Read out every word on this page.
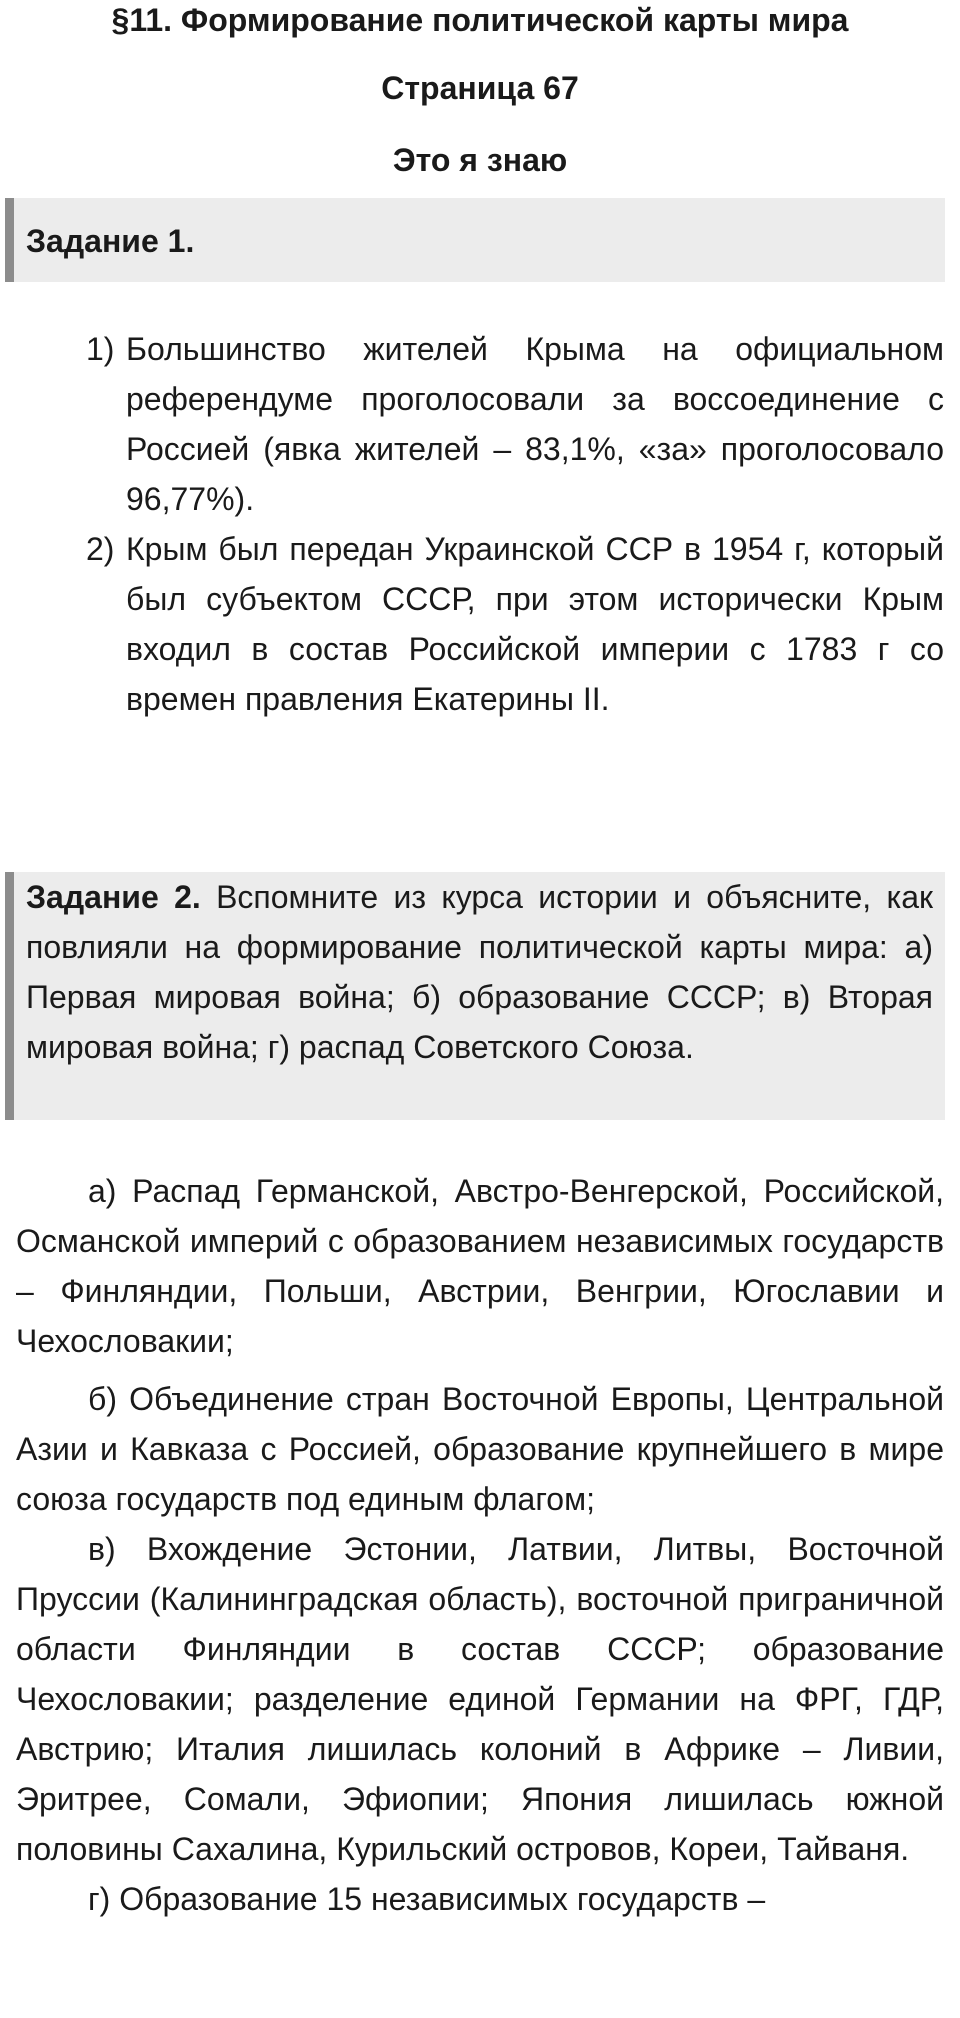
§11. Формирование политической карты мира
Страница 67
Это я знаю
Задание 1.
1) Большинство жителей Крыма на официальном референдуме проголосовали за воссоединение с Россией (явка жителей – 83,1%, «за» проголосовало 96,77%).
2) Крым был передан Украинской ССР в 1954 г, который был субъектом СССР, при этом исторически Крым входил в состав Российской империи с 1783 г со времен правления Екатерины II.
Задание 2. Вспомните из курса истории и объясните, как повлияли на формирование политической карты мира: а) Первая мировая война; б) образование СССР; в) Вторая мировая война; г) распад Советского Союза.

а) Распад Германской, Австро-Венгерской, Российской, Османской империй с образованием независимых государств – Финляндии, Польши, Австрии, Венгрии, Югославии и Чехословакии;

б) Объединение стран Восточной Европы, Центральной Азии и Кавказа с Россией, образование крупнейшего в мире союза государств под единым флагом;

в) Вхождение Эстонии, Латвии, Литвы, Восточной Пруссии (Калининградская область), восточной приграничной области Финляндии в состав СССР; образование Чехословакии; разделение единой Германии на ФРГ, ГДР, Австрию; Италия лишилась колоний в Африке – Ливии, Эритрее, Сомали, Эфиопии; Япония лишилась южной половины Сахалина, Курильский островов, Кореи, Тайваня.

г) Образование 15 независимых государств –
